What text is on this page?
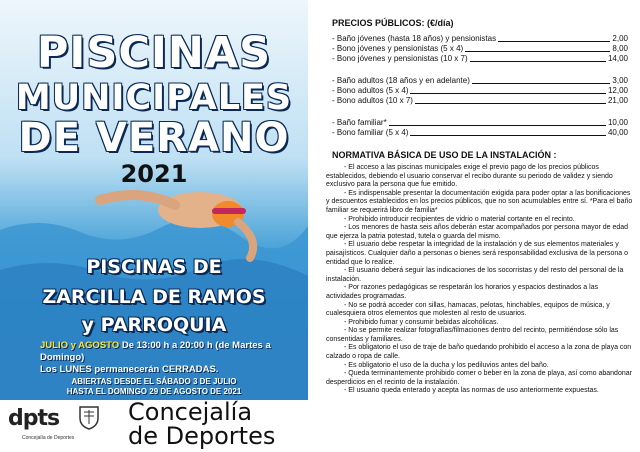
PISCINAS
MUNICIPALES
DE VERANO
2021
PISCINAS DE
ZARCILLA DE RAMOS
y PARROQUIA
JULIO y AGOSTO De 13:00 h a 20:00 h (de Martes a Domingo)
Los LUNES permanecerán CERRADAS.
ABIERTAS DESDE EL SÁBADO 3 DE JULIO
HASTA EL DOMINGO 29 DE AGOSTO DE 2021
dpts
Concejalía de Deportes
Concejalía
de Deportes
PRECIOS PÚBLICOS: (€/día)
- Baño jóvenes (hasta 18 años) y pensionistas	2,00
- Bono jóvenes y pensionistas (5 x 4)	8,00
- Bono jóvenes y pensionistas (10 x 7)	14,00
- Baño adultos (18 años y en adelante)	3,00
- Bono adultos (5 x 4)	12,00
- Bono adultos (10 x 7)	21,00
- Baño familiar*	10,00
- Bono familiar (5 x 4)	40,00
NORMATIVA BÁSICA DE USO DE LA INSTALACIÓN :

- El acceso a las piscinas municipales exige el previo pago de los precios públicos establecidos, debiendo el usuario conservar el recibo durante su periodo de validez y siendo exclusivo para la persona que fue emitido.

- Es indispensable presentar la documentación exigida para poder optar a las bonificaciones y descuentos establecidos en los precios públicos, que no son acumulables entre sí. *Para el baño familiar se requerirá libro de familia*

- Prohibido introducir recipientes de vidrio o material cortante en el recinto.

- Los menores de hasta seis años deberán estar acompañados por persona mayor de edad que ejerza la patria potestad, tutela o guarda del mismo.

- El usuario debe respetar la integridad de la instalación y de sus elementos materiales y paisajísticos. Cualquier daño a personas o bienes será responsabilidad exclusiva de la persona o entidad que lo realice.

- El usuario deberá seguir las indicaciones de los socorristas y del resto del personal de la instalación.

- Por razones pedagógicas se respetarán los horarios y espacios destinados a las actividades programadas.

- No se podrá acceder con sillas, hamacas, pelotas, hinchables, equipos de música, y cualesquiera otros elementos que molesten al resto de usuarios.

- Prohibido fumar y consumir bebidas alcohólicas.

- No se permite realizar fotografías/filmaciones dentro del recinto, permitiéndose sólo las consentidas y familiares.

- Es obligatorio el uso de traje de baño quedando prohibido el acceso a la zona de playa con calzado o ropa de calle.

- Es obligatorio el uso de la ducha y los pediluvios antes del baño.

- Queda terminantemente prohibido comer o beber en la zona de playa, así como abandonar desperdicios en el recinto de la instalación.

- El usuario queda enterado y acepta las normas de uso anteriormente expuestas.
